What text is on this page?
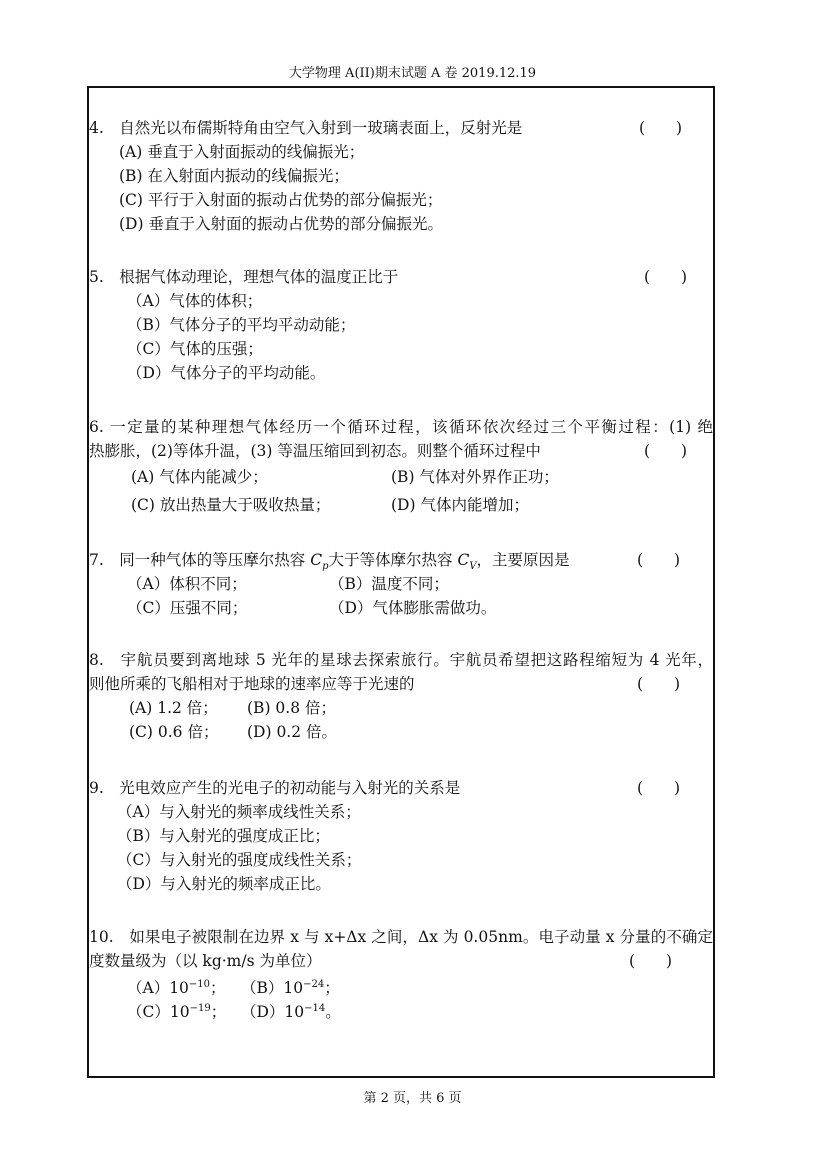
大学物理 A(II)期末试题 A 卷 2019.12.19
4.　自然光以布儒斯特角由空气入射到一玻璃表面上，反射光是	(　　)
(A) 垂直于入射面振动的线偏振光；
(B) 在入射面内振动的线偏振光；
(C) 平行于入射面的振动占优势的部分偏振光；
(D) 垂直于入射面的振动占优势的部分偏振光。
5.　根据气体动理论，理想气体的温度正比于	(　　)
（A）气体的体积；
（B）气体分子的平均平动动能；
（C）气体的压强；
（D）气体分子的平均动能。
6. 一定量的某种理想气体经历一个循环过程，该循环依次经过三个平衡过程：(1) 绝
热膨胀，(2)等体升温，(3) 等温压缩回到初态。则整个循环过程中	(　　)
(A) 气体内能减少；	(B) 气体对外界作正功；
(C) 放出热量大于吸收热量；	(D) 气体内能增加；
7.　同一种气体的等压摩尔热容 $C_p$大于等体摩尔热容 $C_V$，主要原因是	(　　)
（A）体积不同；	（B）温度不同；
（C）压强不同；	（D）气体膨胀需做功。
8.　宇航员要到离地球 5 光年的星球去探索旅行。宇航员希望把这路程缩短为 4 光年，
则他所乘的飞船相对于地球的速率应等于光速的	(　　)
(A) 1.2 倍； (B) 0.8 倍；
(C) 0.6 倍； (D) 0.2 倍。
9.　光电效应产生的光电子的初动能与入射光的关系是	(　　)
（A）与入射光的频率成线性关系；
（B）与入射光的强度成正比；
（C）与入射光的强度成线性关系；
（D）与入射光的频率成正比。
10.　如果电子被限制在边界 x 与 x+Δx 之间，Δx 为 0.05nm。电子动量 x 分量的不确定
度数量级为（以 kg·m/s 为单位）	(　　)
$(A)10^{-10}$； $(B)10^{-24}$；
$(C)10^{-19}$； $(D)10^{-14}$。
第 2 页，共 6 页
